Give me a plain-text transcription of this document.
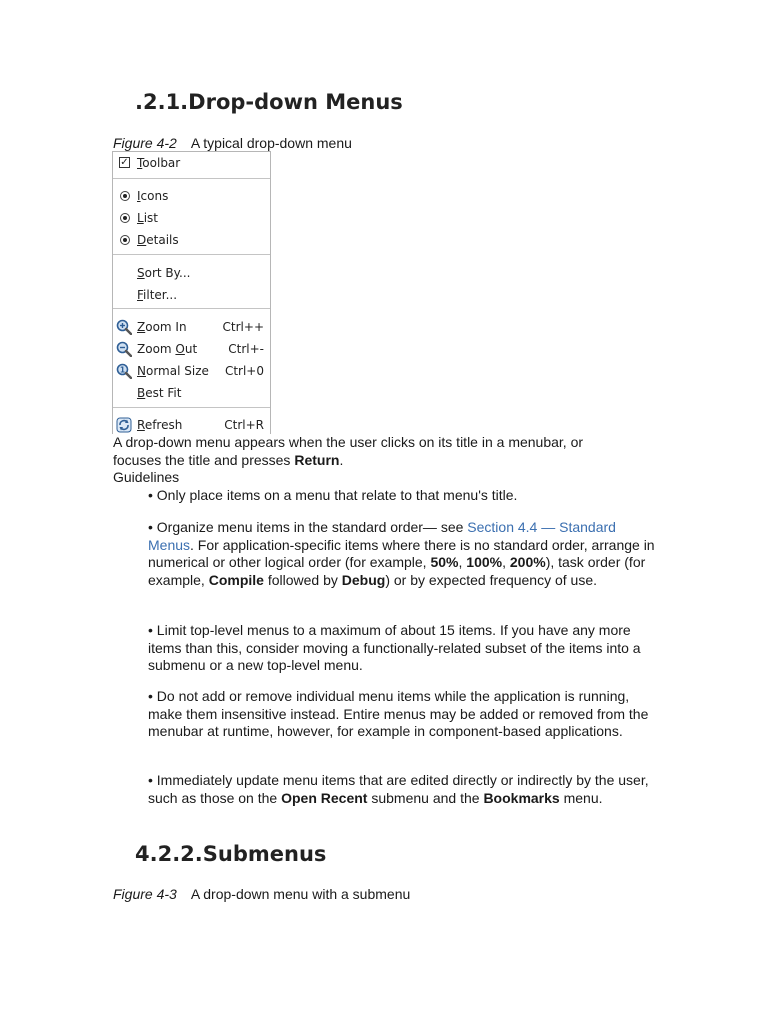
.2.1.Drop-down Menus
Figure 4-2 A typical drop-down menu
✓ Toolbar
Icons
List
Details
Sort By...
Filter...
Zoom In	Ctrl++
Zoom Out	Ctrl+-
1 Normal Size Ctrl+0
Best Fit
Refresh	Ctrl+R
A drop-down menu appears when the user clicks on its title in a menubar, or
focuses the title and presses Return.
Guidelines
• Only place items on a menu that relate to that menu's title.
• Organize menu items in the standard order— see Section 4.4 — Standard Menus. For application-specific items where there is no standard order, arrange in numerical or other logical order (for example, 50%, 100%, 200%), task order (for example, Compile followed by Debug) or by expected frequency of use.
• Limit top-level menus to a maximum of about 15 items. If you have any more items than this, consider moving a functionally-related subset of the items into a submenu or a new top-level menu.
• Do not add or remove individual menu items while the application is running, make them insensitive instead. Entire menus may be added or removed from the menubar at runtime, however, for example in component-based applications.
• Immediately update menu items that are edited directly or indirectly by the user, such as those on the Open Recent submenu and the Bookmarks menu.
4.2.2.Submenus
Figure 4-3 A drop-down menu with a submenu
